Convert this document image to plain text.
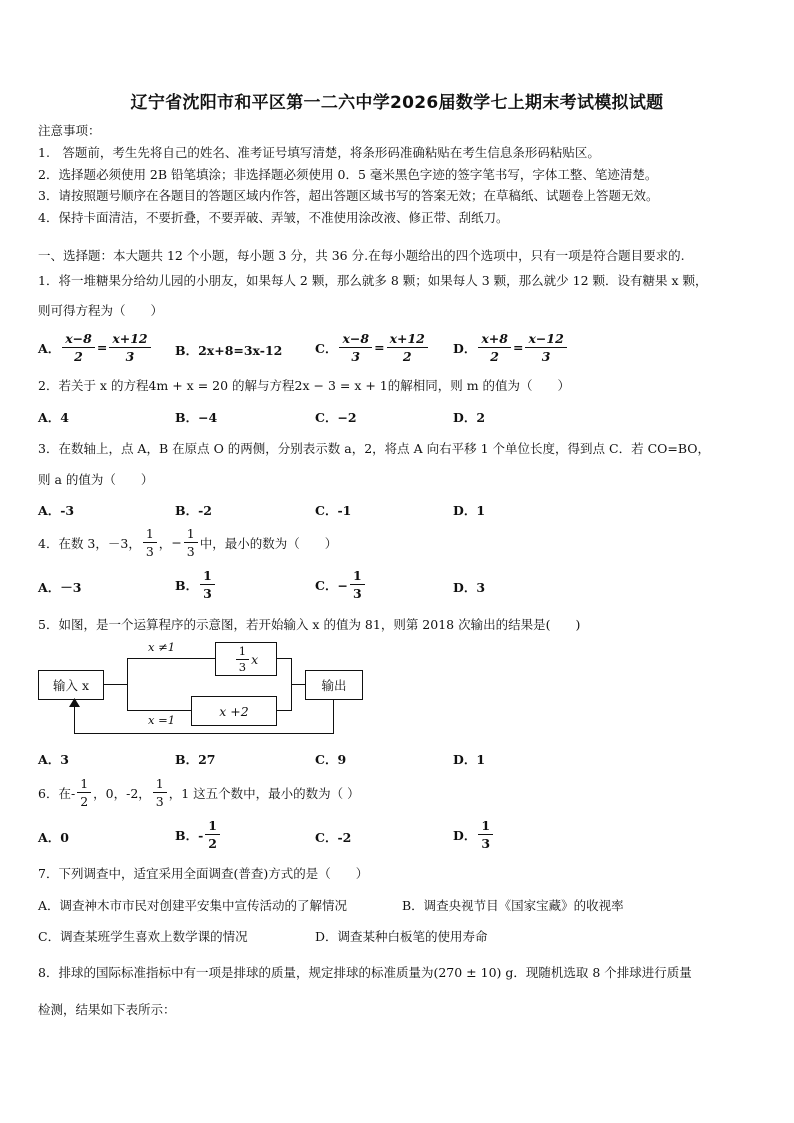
辽宁省沈阳市和平区第一二六中学2026届数学七上期末考试模拟试题
注意事项：
1.　答题前，考生先将自己的姓名、准考证号填写清楚，将条形码准确粘贴在考生信息条形码粘贴区。
2．选择题必须使用 2B 铅笔填涂；非选择题必须使用 0．5 毫米黑色字迹的签字笔书写，字体工整、笔迹清楚。
3．请按照题号顺序在各题目的答题区域内作答，超出答题区域书写的答案无效；在草稿纸、试题卷上答题无效。
4．保持卡面清洁，不要折叠，不要弄破、弄皱，不准使用涂改液、修正带、刮纸刀。
一、选择题：本大题共 12 个小题，每小题 3 分，共 36 分.在每小题给出的四个选项中，只有一项是符合题目要求的.
1．将一堆糖果分给幼儿园的小朋友，如果每人 2 颗，那么就多 8 颗；如果每人 3 颗，那么就少 12 颗．设有糖果 x 颗，
则可得方程为（　　）
A． $\frac{x-8}{2} = \frac{x+12}{3}$ B．2x+8=3x-12	C． $\frac{x-8}{3} = \frac{x+12}{2}$ D． $\frac{x+8}{2} = \frac{x-12}{3}$
2．若关于 x 的方程4m + x = 20 的解与方程2x − 3 = x + 1的解相同，则 m 的值为（　　）
A．4	B．−4	C．−2	D．2
3．在数轴上，点 A，B 在原点 O 的两侧，分别表示数 a，2，将点 A 向右平移 1 个单位长度，得到点 C．若 CO=BO，
则 a 的值为（　　）
A．-3	B．-2	C．-1	D．1
4．在数 3，－3， $\frac{1}{3}$ ， − $\frac{1}{3}$ 中，最小的数为（　　）
A．－3	B． $\frac{1}{3}$	C．− $\frac{1}{3}$	D．3
5．如图，是一个运算程序的示意图，若开始输入 x 的值为 81，则第 2018 次输出的结果是(　　)
输入 x
x ≠1	$\frac{1}{3}$ x
x +2
输出
x =1
A．3	B．27	C．9	D．1
6．在- $\frac{1}{2}$ ，0，-2， $\frac{1}{3}$ ，1 这五个数中，最小的数为（ ）
A．0	B．- $\frac{1}{2}$	C．-2	D． $\frac{1}{3}$
7．下列调查中，适宜采用全面调查(普查)方式的是（　　）
A．调查神木市市民对创建平安集中宣传活动的了解情况	B．调查央视节目《国家宝藏》的收视率
C．调查某班学生喜欢上数学课的情况	D．调查某种白板笔的使用寿命
8．排球的国际标准指标中有一项是排球的质量，规定排球的标准质量为(270 ± 10) g．现随机选取 8 个排球进行质量
检测，结果如下表所示：
